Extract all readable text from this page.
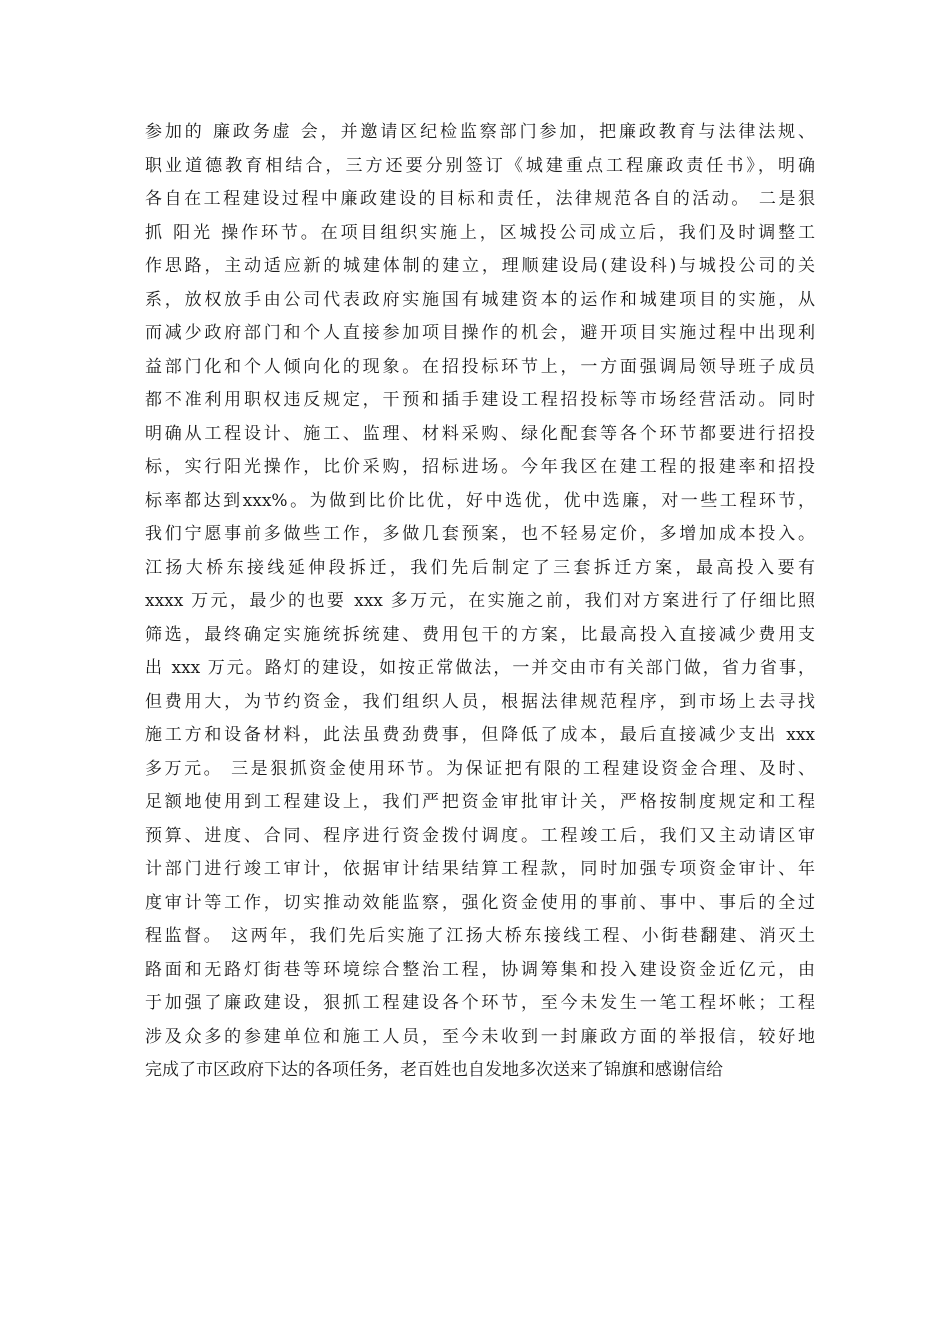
参加的 廉政务虚 会，并邀请区纪检监察部门参加，把廉政教育与法律法规、
职业道德教育相结合，三方还要分别签订《城建重点工程廉政责任书》，明确
各自在工程建设过程中廉政建设的目标和责任，法律规范各自的活动。 二是狠
抓 阳光 操作环节。在项目组织实施上，区城投公司成立后，我们及时调整工
作思路，主动适应新的城建体制的建立，理顺建设局(建设科)与城投公司的关
系，放权放手由公司代表政府实施国有城建资本的运作和城建项目的实施，从
而减少政府部门和个人直接参加项目操作的机会，避开项目实施过程中出现利
益部门化和个人倾向化的现象。在招投标环节上，一方面强调局领导班子成员
都不准利用职权违反规定，干预和插手建设工程招投标等市场经营活动。同时
明确从工程设计、施工、监理、材料采购、绿化配套等各个环节都要进行招投
标，实行阳光操作，比价采购，招标进场。今年我区在建工程的报建率和招投
标率都达到xxx%。为做到比价比优，好中选优，优中选廉，对一些工程环节，
我们宁愿事前多做些工作，多做几套预案，也不轻易定价，多增加成本投入。
江扬大桥东接线延伸段拆迁，我们先后制定了三套拆迁方案，最高投入要有
xxxx 万元，最少的也要 xxx 多万元，在实施之前，我们对方案进行了仔细比照
筛选，最终确定实施统拆统建、费用包干的方案，比最高投入直接减少费用支
出 xxx 万元。路灯的建设，如按正常做法，一并交由市有关部门做，省力省事，
但费用大，为节约资金，我们组织人员，根据法律规范程序，到市场上去寻找
施工方和设备材料，此法虽费劲费事，但降低了成本，最后直接减少支出 xxx
多万元。 三是狠抓资金使用环节。为保证把有限的工程建设资金合理、及时、
足额地使用到工程建设上，我们严把资金审批审计关，严格按制度规定和工程
预算、进度、合同、程序进行资金拨付调度。工程竣工后，我们又主动请区审
计部门进行竣工审计，依据审计结果结算工程款，同时加强专项资金审计、年
度审计等工作，切实推动效能监察，强化资金使用的事前、事中、事后的全过
程监督。 这两年，我们先后实施了江扬大桥东接线工程、小街巷翻建、消灭土
路面和无路灯街巷等环境综合整治工程，协调筹集和投入建设资金近亿元，由
于加强了廉政建设，狠抓工程建设各个环节，至今未发生一笔工程坏帐；工程
涉及众多的参建单位和施工人员，至今未收到一封廉政方面的举报信，较好地
完成了市区政府下达的各项任务，老百姓也自发地多次送来了锦旗和感谢信给
